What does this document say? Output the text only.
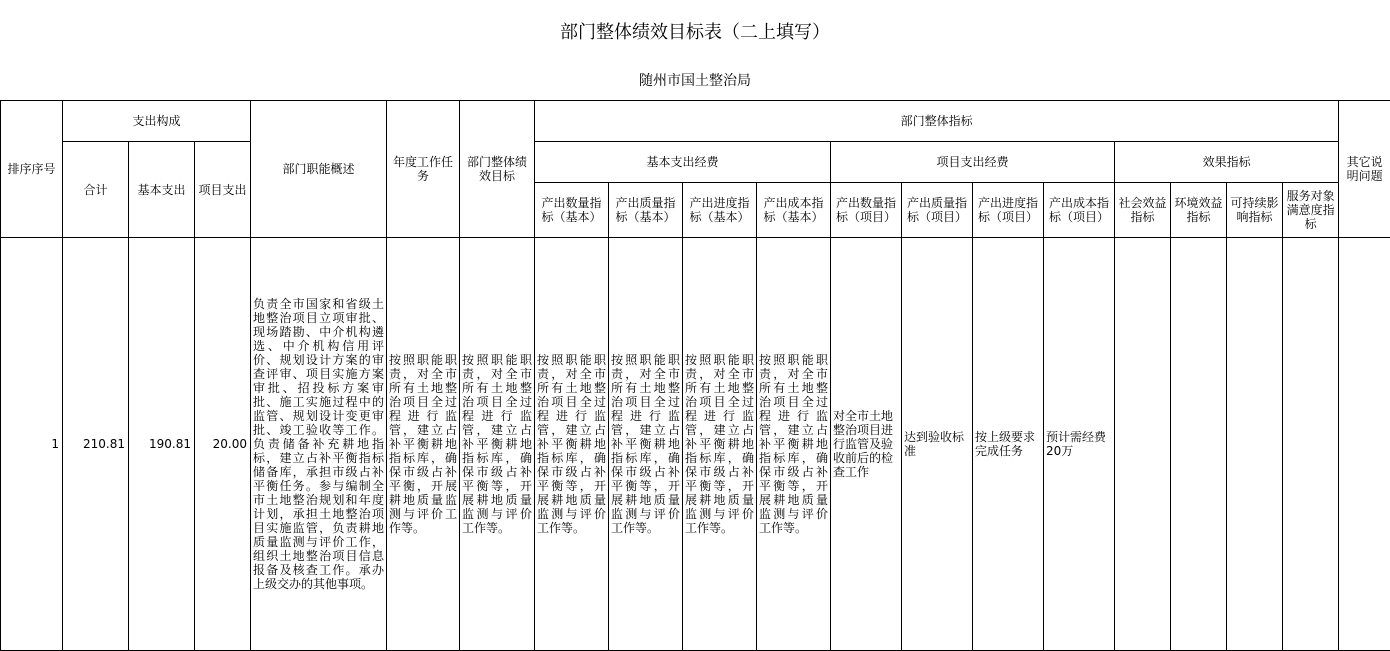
部门整体绩效目标表（二上填写）
随州市国土整治局
排序序号	支出构成			部门职能概述	年度工作任务	部门整体绩效目标	部门整体指标												其它说明问题
	合计	基本支出	项目支出				基本支出经费				项目支出经费				效果指标				
							产出数量指标（基本）	产出质量指标（基本）	产出进度指标（基本）	产出成本指标（基本）	产出数量指标（项目）	产出质量指标（项目）	产出进度指标（项目）	产出成本指标（项目）	社会效益指标	环境效益指标	可持续影响指标	服务对象满意度指标	
1	210.81	190.81	20.00	负责全市国家和省级土地整治项目立项审批、现场踏勘、中介机构遴选、中介机构信用评价、规划设计方案的审查评审、项目实施方案审批、招投标方案审批、施工实施过程中的监管、规划设计变更审批、竣工验收等工作。负责储备补充耕地指标，建立占补平衡指标储备库，承担市级占补平衡任务。参与编制全市土地整治规划和年度计划，承担土地整治项目实施监管，负责耕地质量监测与评价工作，组织土地整治项目信息报备及核查工作。承办上级交办的其他事项。	按照职能职责，对全市所有土地整治项目全过程进行监管，建立占补平衡耕地指标库，确保市级占补平衡，开展耕地质量监测与评价工作等。	按照职能职责，对全市所有土地整治项目全过程进行监管，建立占补平衡耕地指标库，确保市级占补平衡等，开展耕地质量监测与评价工作等。	按照职能职责，对全市所有土地整治项目全过程进行监管，建立占补平衡耕地指标库，确保市级占补平衡等，开展耕地质量监测与评价工作等。	按照职能职责，对全市所有土地整治项目全过程进行监管，建立占补平衡耕地指标库，确保市级占补平衡等，开展耕地质量监测与评价工作等。	按照职能职责，对全市所有土地整治项目全过程进行监管，建立占补平衡耕地指标库，确保市级占补平衡等，开展耕地质量监测与评价工作等。	按照职能职责，对全市所有土地整治项目全过程进行监管，建立占补平衡耕地指标库，确保市级占补平衡等，开展耕地质量监测与评价工作等。	对全市土地整治项目进行监管及验收前后的检查工作	达到验收标准	按上级要求完成任务	预计需经费20万					
